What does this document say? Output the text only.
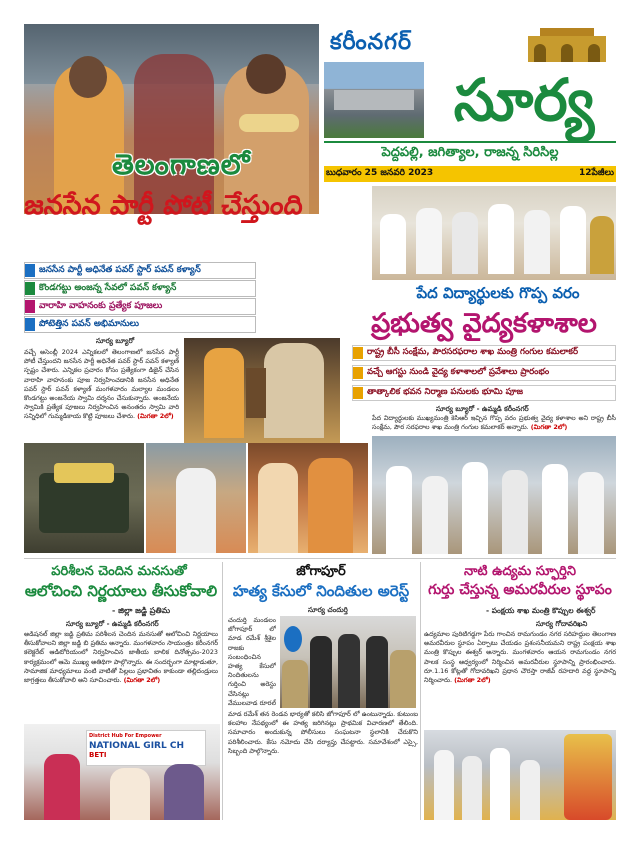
తెలంగాణలో
జనసేన పార్టీ పోటీ చేస్తుంది
జనసేన పార్టీ అధినేత పవర్ స్టార్ పవన్ కళ్యాన్
కొండగట్టు అంజన్న సేవలో పవన్ కళ్యాన్
వారాహి వాహనంకు ప్రత్యేక పూజలు
పోటెత్తిన పవన్ అభిమానులు
సూర్య బ్యూరో
వచ్చే అసెంబ్లీ 2024 ఎన్నికలలో తెలంగాణలో జనసేన పార్టీ పోటీ చేస్తుందని జనసేన పార్టీ అధినేత పవర్ స్టార్ పవన్ కళ్యాణ్ స్పష్టం చేశారు. ఎన్నికల ప్రచారం కోసం ప్రత్యేకంగా డిజైన్ చేసిన వారాహి వాహనంకు పూజ నిర్వహించడానికి జనసేన అధినేత పవర్ స్టార్ పవన్ కళ్యాణ్ మంగళవారం మల్యాల మండలం కొండగట్టు అంజనేయ స్వామి దర్శనం చేసుకున్నారు. అంజనేయ స్వామికి ప్రత్యేక పూజలు నిర్వహించిన అనంతరం స్వామి వారి సన్నిధిలో గుమ్మడికాయ కొట్టి పూజలు చేశారు. (మిగతా 2లో)
కరీంనగర్
సూర్య
పెద్దపల్లి, జగిత్యాల, రాజన్న సిరిసిల్ల
బుధవారం 25 జనవరి 2023	12పేజీలు
పేద విద్యార్థులకు గొప్ప వరం
ప్రభుత్వ వైద్యకళాశాల
రాష్ట్ర బీసీ సంక్షేమ, పౌరసరఫరాల శాఖ మంత్రి గంగుల కమలాకర్
వచ్చే ఆగస్టు నుండి వైద్య కళాశాలలో ప్రవేశాలు ప్రారంభం
తాత్కాలిక భవన నిర్మాణ పనులకు భూమి పూజ
సూర్య బ్యూరో - ఉమ్మడి కరీంనగర్
పేద విద్యార్థులకు ముఖ్యమంత్రి కెసిఆర్ ఇచ్చిన గొప్ప వరం ప్రభుత్వ వైద్య కళాశాల అని రాష్ట్ర బీసీ సంక్షేమ, పౌర సరఫరాల శాఖ మంత్రి గంగుల కమలాకర్ అన్నారు. (మిగతా 2లో)
పరిశీలన చెందిన మనసుతో
ఆలోచించి నిర్ణయాలు తీసుకోవాలి
- జిల్లా జడ్జి ప్రతిమ
సూర్య బ్యూరో - ఉమ్మడి కరీంనగర్
అడిషనల్ జిల్లా జడ్జి ప్రతిమ పరిశీలన చెందిన మనసుతో ఆలోచించి నిర్ణయాలు తీసుకోవాలని జిల్లా జడ్జి బి ప్రతిమ అన్నారు. మంగళవారం సాయంత్రం కరీంనగర్ కలెక్టరేట్ ఆడిటోరియంలో నిర్వహించిన జాతీయ బాలిక దినోత్సవం-2023 కార్యక్రమంలో ఆమె ముఖ్య అతిథిగా పాల్గొన్నారు. ఈ సందర్భంగా మాట్లాడుతూ, సామాజిక మాధ్యమాలు వంటి వాటితో పిల్లలు ప్రభావితం కాకుండా తల్లిదండ్రులు జాగ్రత్తలు తీసుకోవాలి అని సూచించారు. (మిగతా 2లో)
District Hub For Empower
NATIONAL GIRL CH
BETI
జోగాపూర్
హత్య కేసులో నిందితుల అరెస్ట్
సూర్య చందుర్తి
చందుర్తి మండలం జోగాపూర్ లో మాడ రమేశ్ శ్రీశైల రాజకు సంబంధించిన హత్య కేసులో నిందితులను గుర్తించి అరెస్టు చేసినట్లు వేములవాడ రూరల్
మాడ రమేశ్ తన రెండవ భార్యతో కలిసి జోగాపూర్ లో ఉంటున్నాడు. కుటుంబ కలహాల నేపథ్యంలో ఈ హత్య జరిగినట్లు ప్రాథమిక విచారణలో తేలింది. సమాచారం అందుకున్న పోలీసులు సంఘటనా స్థలానికి చేరుకొని పరిశీలించారు. కేసు నమోదు చేసి దర్యాప్తు చేపట్టారు. సమావేశంలో ఎస్సై, సిబ్బంది పాల్గొన్నారు.
నాటి ఉద్యమ స్ఫూర్తిని
గుర్తు చేస్తున్న అమరవీరుల స్థూపం
- పంక్షయ శాఖ మంత్రి కొప్పుల ఈశ్వర్
సూర్య గోదావరిఖని
ఉద్యమాల పురిటిగడ్డగా పేరు గాంచిన రామగుండం నగర సరిహద్దుల తెలంగాణ అమరవీరుల స్థూపం ఏర్పాటు చేయడం ప్రశంసనీయమని రాష్ట్ర పంక్షయ శాఖ మంత్రి కొప్పుల ఈశ్వర్ అన్నారు. మంగళవారం ఆయన రామగుండం నగర పాలక సంస్థ ఆధ్వర్యంలో నిర్మించిన అమరవీరుల స్థూపాన్ని ప్రారంభించారు. రూ.1.16 కోట్లతో గోదావరిఖని ప్రధాన చౌరస్తా రాజీవ్ రహదారి వద్ద స్థూపాన్ని నిర్మించారు. (మిగతా 2లో)
